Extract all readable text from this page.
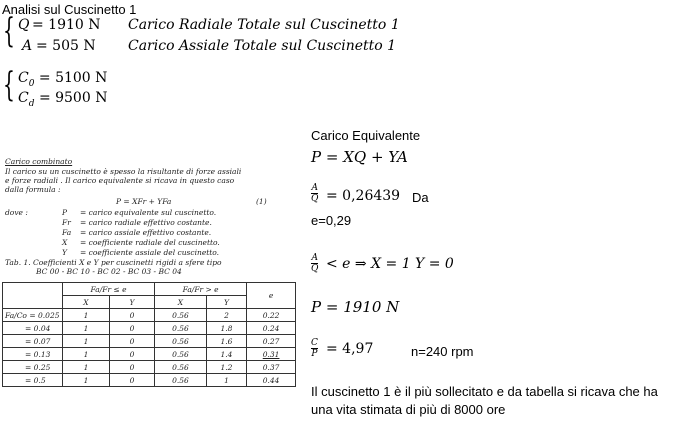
Analisi sul Cuscinetto 1
{ Q = 1910 N Carico Radiale Totale sul Cuscinetto 1
A = 505 N Carico Assiale Totale sul Cuscinetto 1
{ $C_0 = 5100$ N
$C_d = 9500$ N
Carico combinato
Il carico su un cuscinetto è spesso la risultante di forze assiali
e forze radiali . Il carico equivalente si ricava in questo caso
dalla formula :
P = XFr + YFa	(1)
dove :	P = carico equivalente sul cuscinetto.
Fr = carico radiale effettivo costante.
Fa = carico assiale effettivo costante.
X = coefficiente radiale del cuscinetto.
Y = coefficiente assiale del cuscinetto.
Tab. 1. Coefficienti X e Y per cuscinetti rigidi a sfere tipo
BC 00 - BC 10 - BC 02 - BC 03 - BC 04
	Fa/Fr ≤ e		Fa/Fr > e		e
	X	Y	X	Y	
Fa/Co = 0.025	1	0	0.56	2	0.22
= 0.04	1	0	0.56	1.8	0.24
= 0.07	1	0	0.56	1.6	0.27
= 0.13	1	0	0.56	1.4	0.31
= 0.25	1	0	0.56	1.2	0.37
= 0.5	1	0	0.56	1	0.44
Carico Equivalente
P = XQ + YA
A
Q = 0,26439 Da
e=0,29
A
Q < e ⇒ X = 1 Y = 0
P = 1910 N
C
P = 4,97	n=240 rpm
Il cuscinetto 1 è il più sollecitato e da tabella si ricava che ha
una vita stimata di più di 8000 ore
